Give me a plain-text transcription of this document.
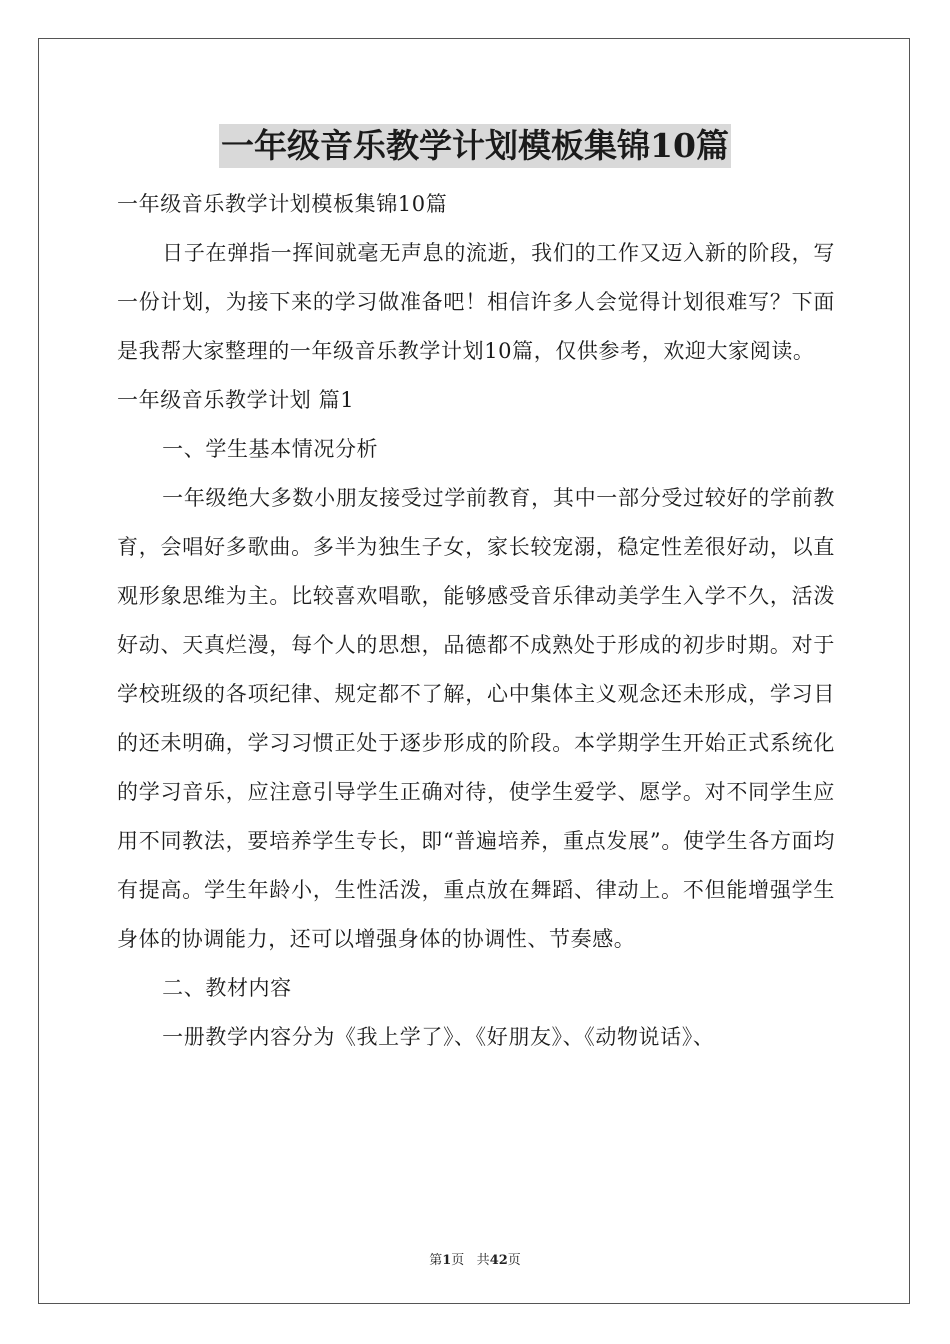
一年级音乐教学计划模板集锦10篇

一年级音乐教学计划模板集锦10篇

日子在弹指一挥间就毫无声息的流逝，我们的工作又迈入新的阶段，写一份计划，为接下来的学习做准备吧！相信许多人会觉得计划很难写？下面是我帮大家整理的一年级音乐教学计划10篇，仅供参考，欢迎大家阅读。

一年级音乐教学计划 篇1

一、学生基本情况分析

一年级绝大多数小朋友接受过学前教育，其中一部分受过较好的学前教育，会唱好多歌曲。多半为独生子女，家长较宠溺，稳定性差很好动，以直观形象思维为主。比较喜欢唱歌，能够感受音乐律动美学生入学不久，活泼好动、天真烂漫，每个人的思想，品德都不成熟处于形成的初步时期。对于学校班级的各项纪律、规定都不了解，心中集体主义观念还未形成，学习目的还未明确，学习习惯正处于逐步形成的阶段。本学期学生开始正式系统化的学习音乐，应注意引导学生正确对待，使学生爱学、愿学。对不同学生应用不同教法，要培养学生专长，即“普遍培养，重点发展”。使学生各方面均有提高。学生年龄小，生性活泼，重点放在舞蹈、律动上。不但能增强学生身体的协调能力，还可以增强身体的协调性、节奏感。

二、教材内容

一册教学内容分为《我上学了》、《好朋友》、《动物说话》、

第1页 共42页
